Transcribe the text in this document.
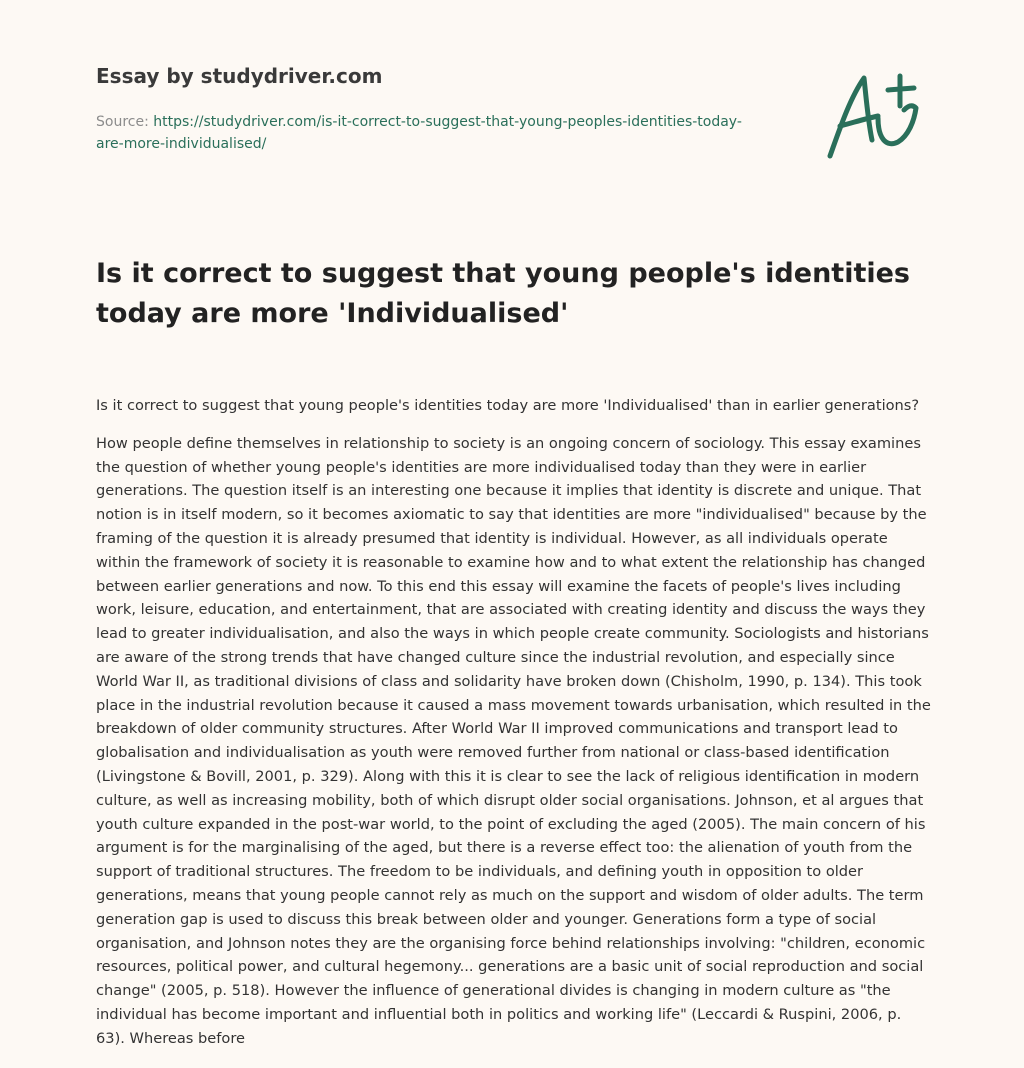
Essay by studydriver.com

Source: https://studydriver.com/is-it-correct-to-suggest-that-young-peoples-identities-today-are-more-individualised/

Is it correct to suggest that young people's identities today are more 'Individualised'

Is it correct to suggest that young people's identities today are more 'Individualised' than in earlier generations?

How people define themselves in relationship to society is an ongoing concern of sociology. This essay examines the question of whether young people's identities are more individualised today than they were in earlier generations. The question itself is an interesting one because it implies that identity is discrete and unique. That notion is in itself modern, so it becomes axiomatic to say that identities are more "individualised" because by the framing of the question it is already presumed that identity is individual. However, as all individuals operate within the framework of society it is reasonable to examine how and to what extent the relationship has changed between earlier generations and now. To this end this essay will examine the facets of people's lives including work, leisure, education, and entertainment, that are associated with creating identity and discuss the ways they lead to greater individualisation, and also the ways in which people create community. Sociologists and historians are aware of the strong trends that have changed culture since the industrial revolution, and especially since World War II, as traditional divisions of class and solidarity have broken down (Chisholm, 1990, p. 134). This took place in the industrial revolution because it caused a mass movement towards urbanisation, which resulted in the breakdown of older community structures. After World War II improved communications and transport lead to globalisation and individualisation as youth were removed further from national or class-based identification (Livingstone & Bovill, 2001, p. 329). Along with this it is clear to see the lack of religious identification in modern culture, as well as increasing mobility, both of which disrupt older social organisations. Johnson, et al argues that youth culture expanded in the post-war world, to the point of excluding the aged (2005). The main concern of his argument is for the marginalising of the aged, but there is a reverse effect too: the alienation of youth from the support of traditional structures. The freedom to be individuals, and defining youth in opposition to older generations, means that young people cannot rely as much on the support and wisdom of older adults. The term generation gap is used to discuss this break between older and younger. Generations form a type of social organisation, and Johnson notes they are the organising force behind relationships involving: "children, economic resources, political power, and cultural hegemony... generations are a basic unit of social reproduction and social change" (2005, p. 518). However the influence of generational divides is changing in modern culture as "the individual has become important and influential both in politics and working life" (Leccardi & Ruspini, 2006, p. 63). Whereas before
